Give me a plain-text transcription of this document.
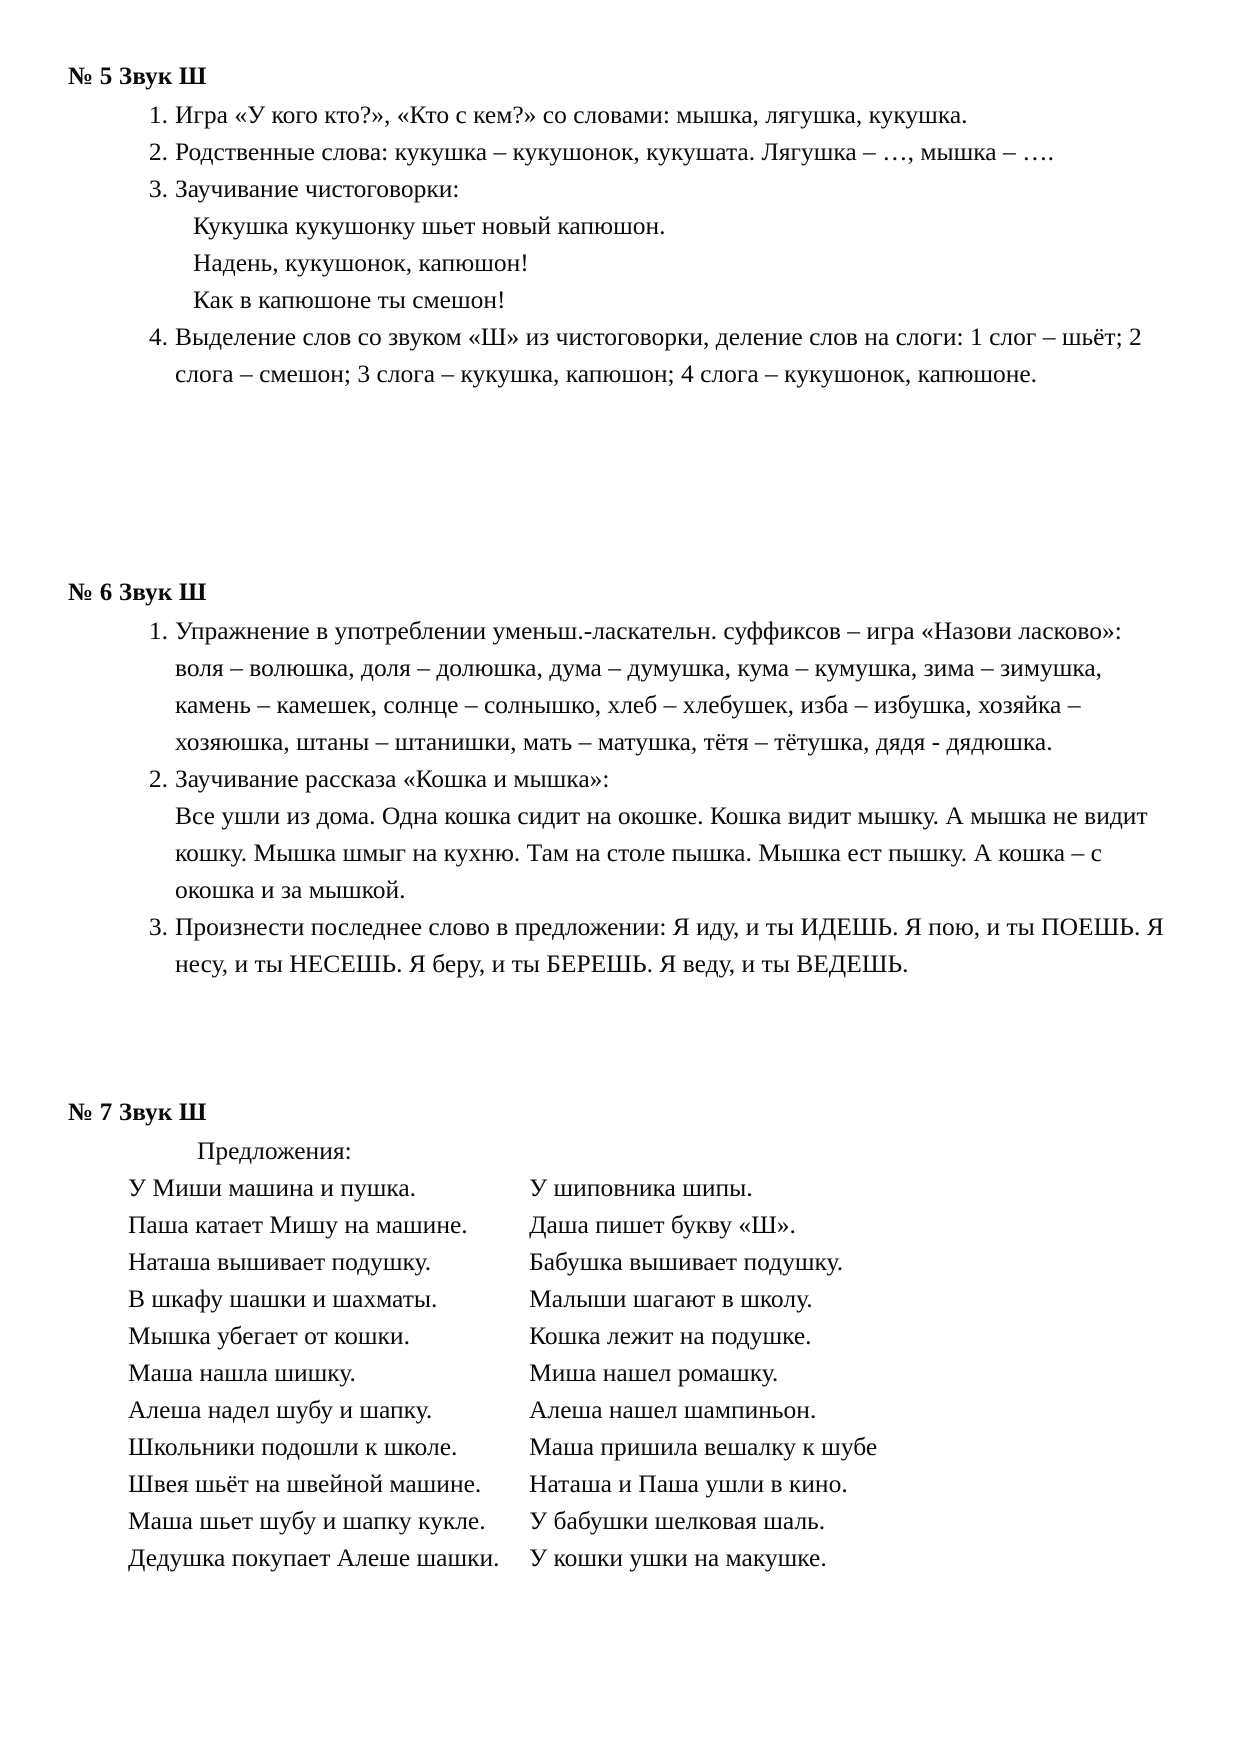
№ 5 Звук Ш
1. Игра «У кого кто?», «Кто с кем?» со словами: мышка, лягушка, кукушка.
2. Родственные слова: кукушка – кукушонок, кукушата. Лягушка – …, мышка – ….
3. Заучивание чистоговорки:
Кукушка кукушонку шьет новый капюшон.
Надень, кукушонок, капюшон!
Как в капюшоне ты смешон!
4. Выделение слов со звуком «Ш» из чистоговорки, деление слов на слоги: 1 слог – шьёт; 2 слога – смешон; 3 слога – кукушка, капюшон; 4 слога – кукушонок, капюшоне.
№ 6 Звук Ш
1. Упражнение в употреблении уменьш.-ласкательн. суффиксов – игра «Назови ласково»: воля – волюшка, доля – долюшка, дума – думушка, кума – кумушка, зима – зимушка, камень – камешек, солнце – солнышко, хлеб – хлебушек, изба – избушка, хозяйка – хозяюшка, штаны – штанишки, мать – матушка, тётя – тётушка, дядя - дядюшка.
2. Заучивание рассказа «Кошка и мышка»:
Все ушли из дома. Одна кошка сидит на окошке. Кошка видит мышку. А мышка не видит кошку. Мышка шмыг на кухню. Там на столе пышка. Мышка ест пышку. А кошка – с окошка и за мышкой.
3. Произнести последнее слово в предложении: Я иду, и ты ИДЕШЬ. Я пою, и ты ПОЕШЬ. Я несу, и ты НЕСЕШЬ. Я беру, и ты БЕРЕШЬ. Я веду, и ты ВЕДЕШЬ.
№ 7 Звук Ш
Предложения:
У Миши машина и пушка.	У шиповника шипы.
Паша катает Мишу на машине.	Даша пишет букву «Ш».
Наташа вышивает подушку.	Бабушка вышивает подушку.
В шкафу шашки и шахматы.	Малыши шагают в школу.
Мышка убегает от кошки.	Кошка лежит на подушке.
Маша нашла шишку.	Миша нашел ромашку.
Алеша надел шубу и шапку.	Алеша нашел шампиньон.
Школьники подошли к школе.	Маша пришила вешалку к шубе
Швея шьёт на швейной машине.	Наташа и Паша ушли в кино.
Маша шьет шубу и шапку кукле.	У бабушки шелковая шаль.
Дедушка покупает Алеше шашки.	У кошки ушки на макушке.
